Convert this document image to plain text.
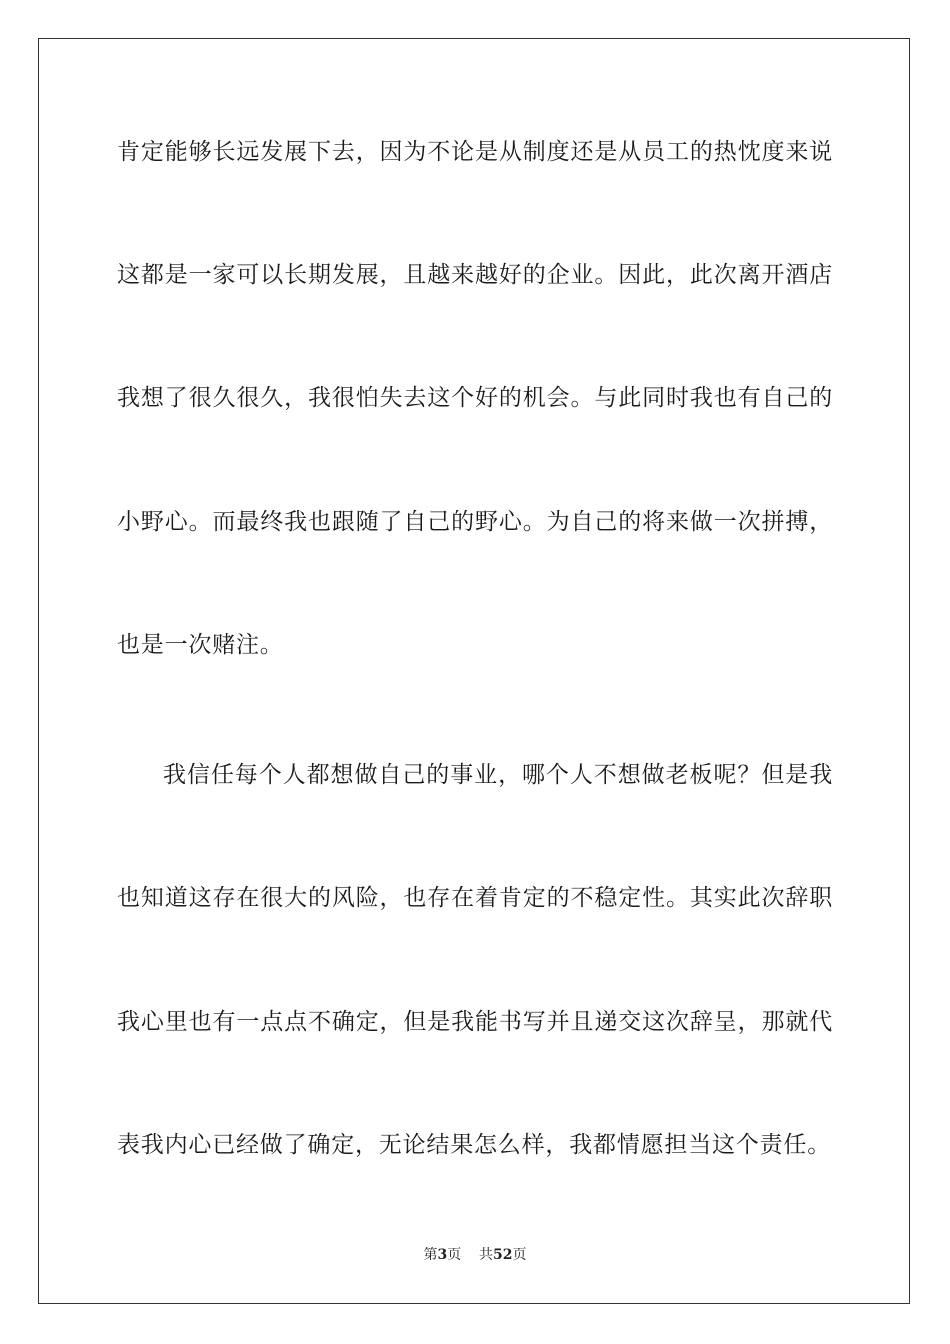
肯定能够长远发展下去，因为不论是从制度还是从员工的热忱度来说
这都是一家可以长期发展，且越来越好的企业。因此，此次离开酒店
我想了很久很久，我很怕失去这个好的机会。与此同时我也有自己的
小野心。而最终我也跟随了自己的野心。为自己的将来做一次拼搏，
也是一次赌注。
我信任每个人都想做自己的事业，哪个人不想做老板呢？但是我
也知道这存在很大的风险，也存在着肯定的不稳定性。其实此次辞职
我心里也有一点点不确定，但是我能书写并且递交这次辞呈，那就代
表我内心已经做了确定，无论结果怎么样，我都情愿担当这个责任。
第3页 共52页
